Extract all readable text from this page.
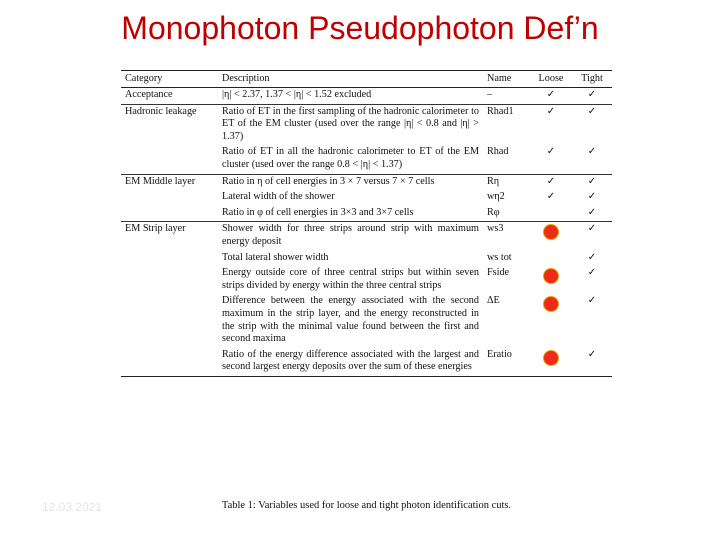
Monophoton Pseudophoton Def’n
Category	Description	Name	Loose	Tight
Acceptance	|η| < 2.37, 1.37 < |η| < 1.52 excluded	–	✓	✓
Hadronic leakage	Ratio of ET in the first sampling of the hadronic calorimeter to ET of the EM cluster (used over the range |η| < 0.8 and |η| > 1.37)	Rhad1	✓	✓
	Ratio of ET in all the hadronic calorimeter to ET of the EM cluster (used over the range 0.8 < |η| < 1.37)	Rhad	✓	✓
EM Middle layer	Ratio in η of cell energies in 3 × 7 versus 7 × 7 cells	Rη	✓	✓
	Lateral width of the shower	wη2	✓	✓
	Ratio in φ of cell energies in 3×3 and 3×7 cells	Rφ		✓
EM Strip layer	Shower width for three strips around strip with maximum energy deposit	ws3		✓
	Total lateral shower width	ws tot		✓
	Energy outside core of three central strips but within seven strips divided by energy within the three central strips	Fside		✓
	Difference between the energy associated with the second maximum in the strip layer, and the energy reconstructed in the strip with the minimal value found between the first and second maxima	ΔE		✓
	Ratio of the energy difference associated with the largest and second largest energy deposits over the sum of these energies	Eratio		✓
Table 1: Variables used for loose and tight photon identification cuts.
12.03.2021
